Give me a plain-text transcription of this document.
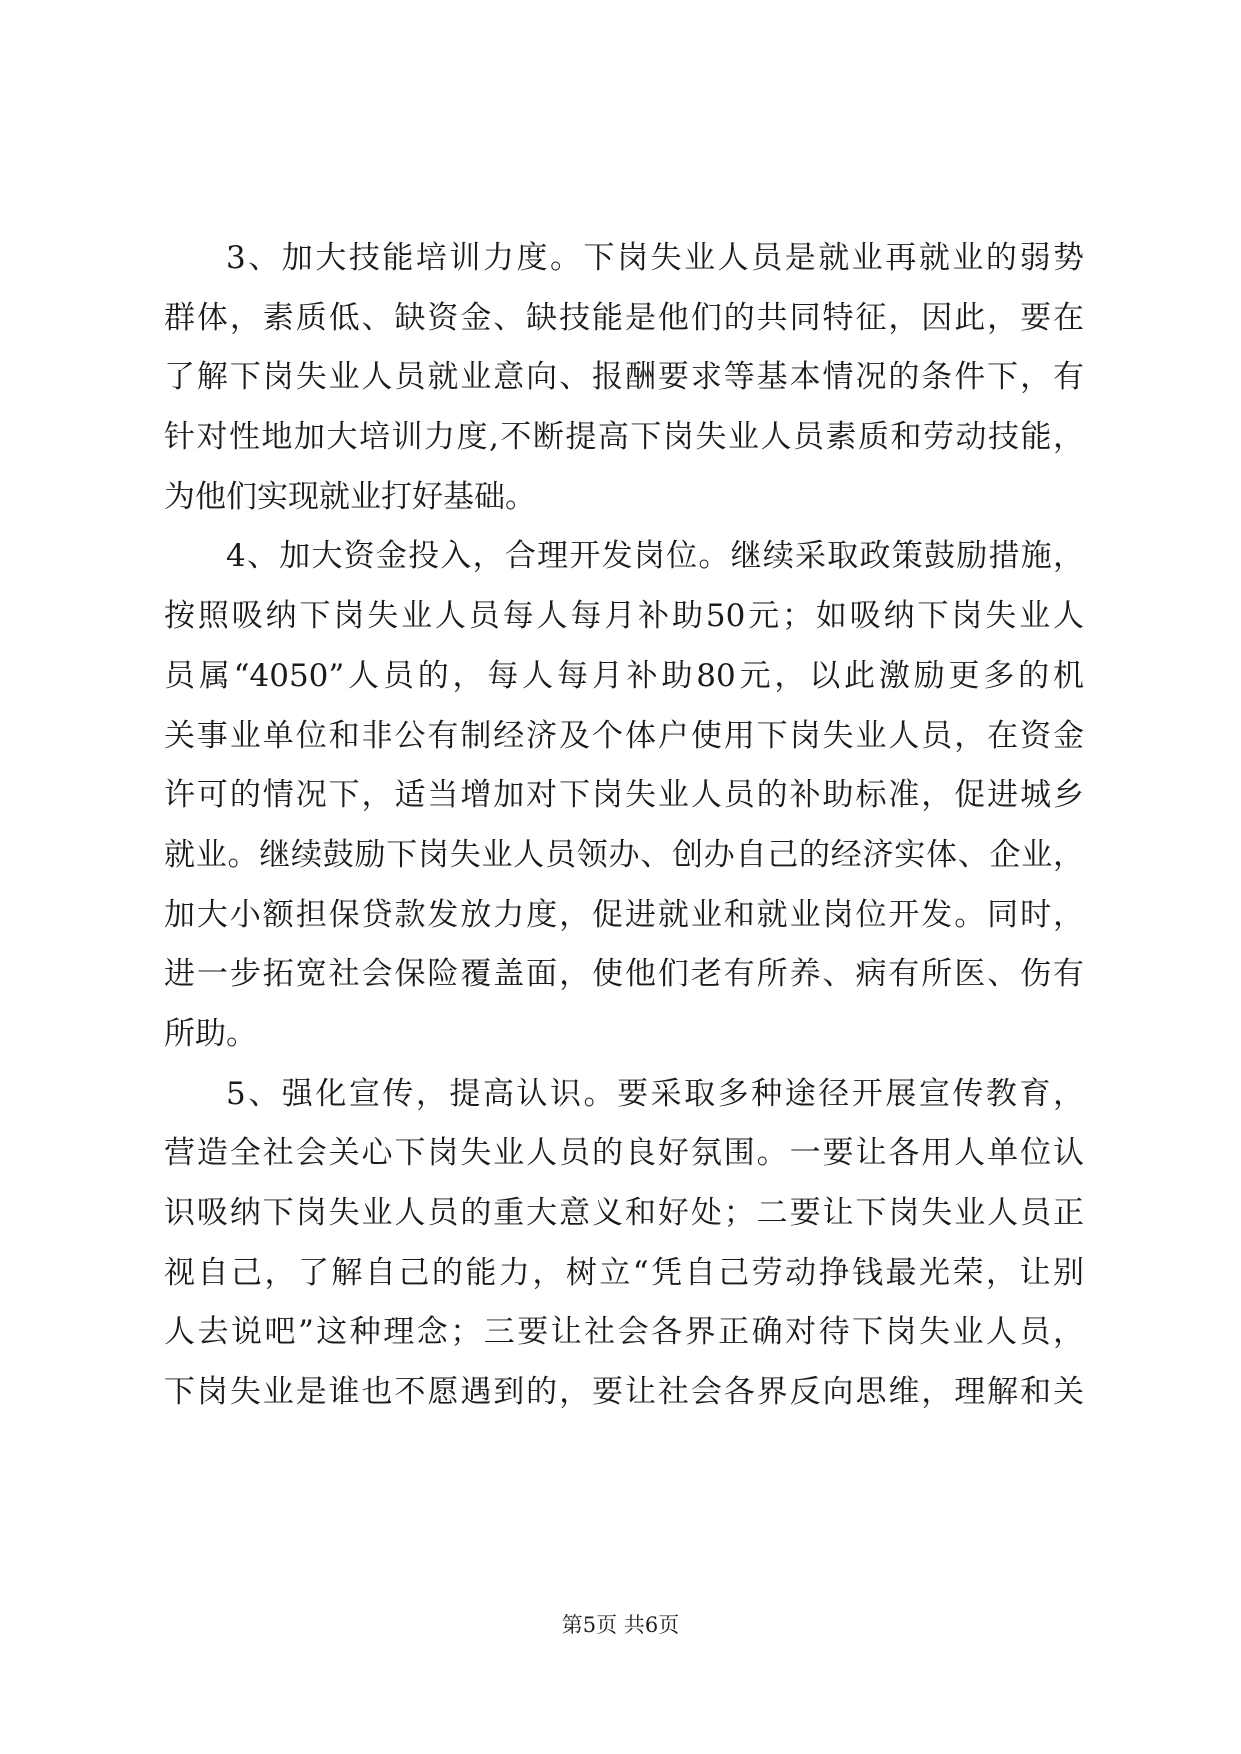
3、加大技能培训力度。下岗失业人员是就业再就业的弱势
群体，素质低、缺资金、缺技能是他们的共同特征，因此，要在
了解下岗失业人员就业意向、报酬要求等基本情况的条件下，有
针对性地加大培训力度,不断提高下岗失业人员素质和劳动技能，
为他们实现就业打好基础。
4、加大资金投入，合理开发岗位。继续采取政策鼓励措施，
按照吸纳下岗失业人员每人每月补助50元；如吸纳下岗失业人
员属“4050”人员的，每人每月补助80元，以此激励更多的机
关事业单位和非公有制经济及个体户使用下岗失业人员，在资金
许可的情况下，适当增加对下岗失业人员的补助标准，促进城乡
就业。继续鼓励下岗失业人员领办、创办自己的经济实体、企业，
加大小额担保贷款发放力度，促进就业和就业岗位开发。同时，
进一步拓宽社会保险覆盖面，使他们老有所养、病有所医、伤有
所助。
5、强化宣传，提高认识。要采取多种途径开展宣传教育，
营造全社会关心下岗失业人员的良好氛围。一要让各用人单位认
识吸纳下岗失业人员的重大意义和好处；二要让下岗失业人员正
视自己，了解自己的能力，树立“凭自己劳动挣钱最光荣，让别
人去说吧”这种理念；三要让社会各界正确对待下岗失业人员，
下岗失业是谁也不愿遇到的，要让社会各界反向思维，理解和关
第5页 共6页
